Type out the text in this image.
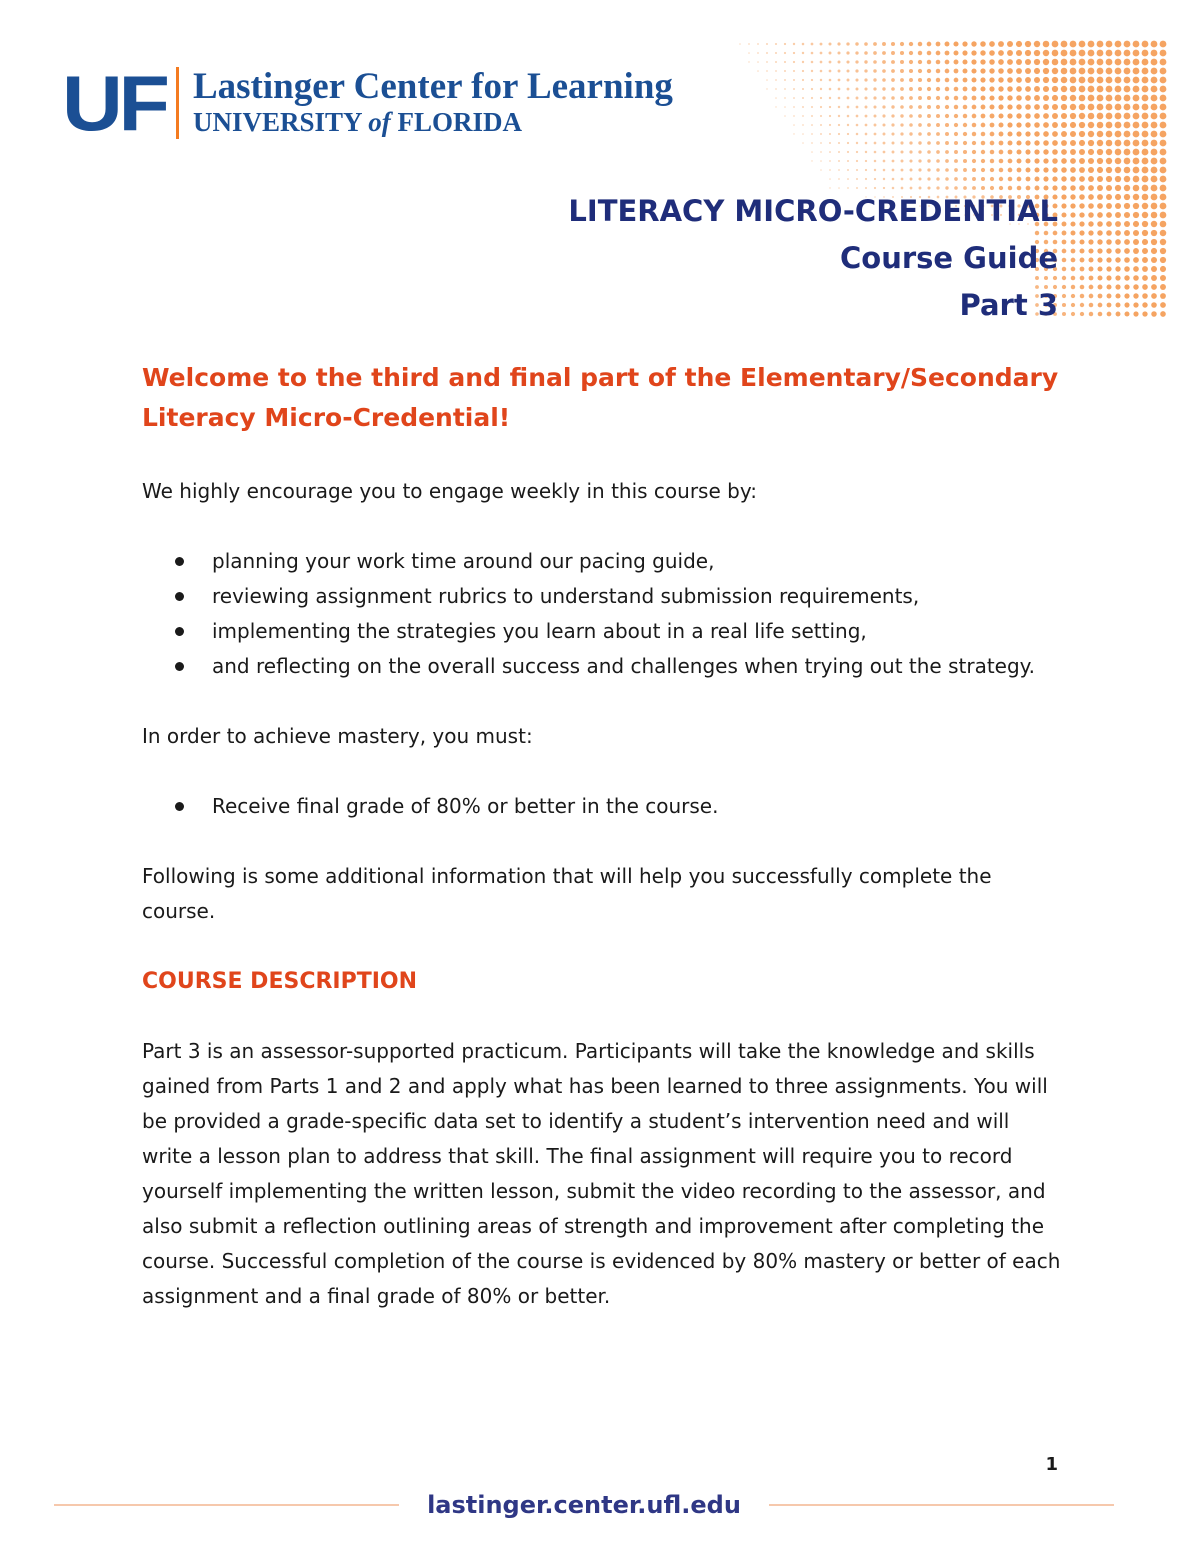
UF Lastinger Center for Learning
UNIVERSITY of FLORIDA
LITERACY MICRO-CREDENTIAL
Course Guide
Part 3
Welcome to the third and final part of the Elementary/Secondary Literacy Micro-Credential!

We highly encourage you to engage weekly in this course by:

planning your work time around our pacing guide,
reviewing assignment rubrics to understand submission requirements,
implementing the strategies you learn about in a real life setting,
and reflecting on the overall success and challenges when trying out the strategy.

In order to achieve mastery, you must:

Receive final grade of 80% or better in the course.

Following is some additional information that will help you successfully complete the course.

COURSE DESCRIPTION

Part 3 is an assessor-supported practicum. Participants will take the knowledge and skills gained from Parts 1 and 2 and apply what has been learned to three assignments. You will be provided a grade-specific data set to identify a student’s intervention need and will write a lesson plan to address that skill. The final assignment will require you to record yourself implementing the written lesson, submit the video recording to the assessor, and also submit a reflection outlining areas of strength and improvement after completing the course. Successful completion of the course is evidenced by 80% mastery or better of each assignment and a final grade of 80% or better.

1
lastinger.center.ufl.edu
